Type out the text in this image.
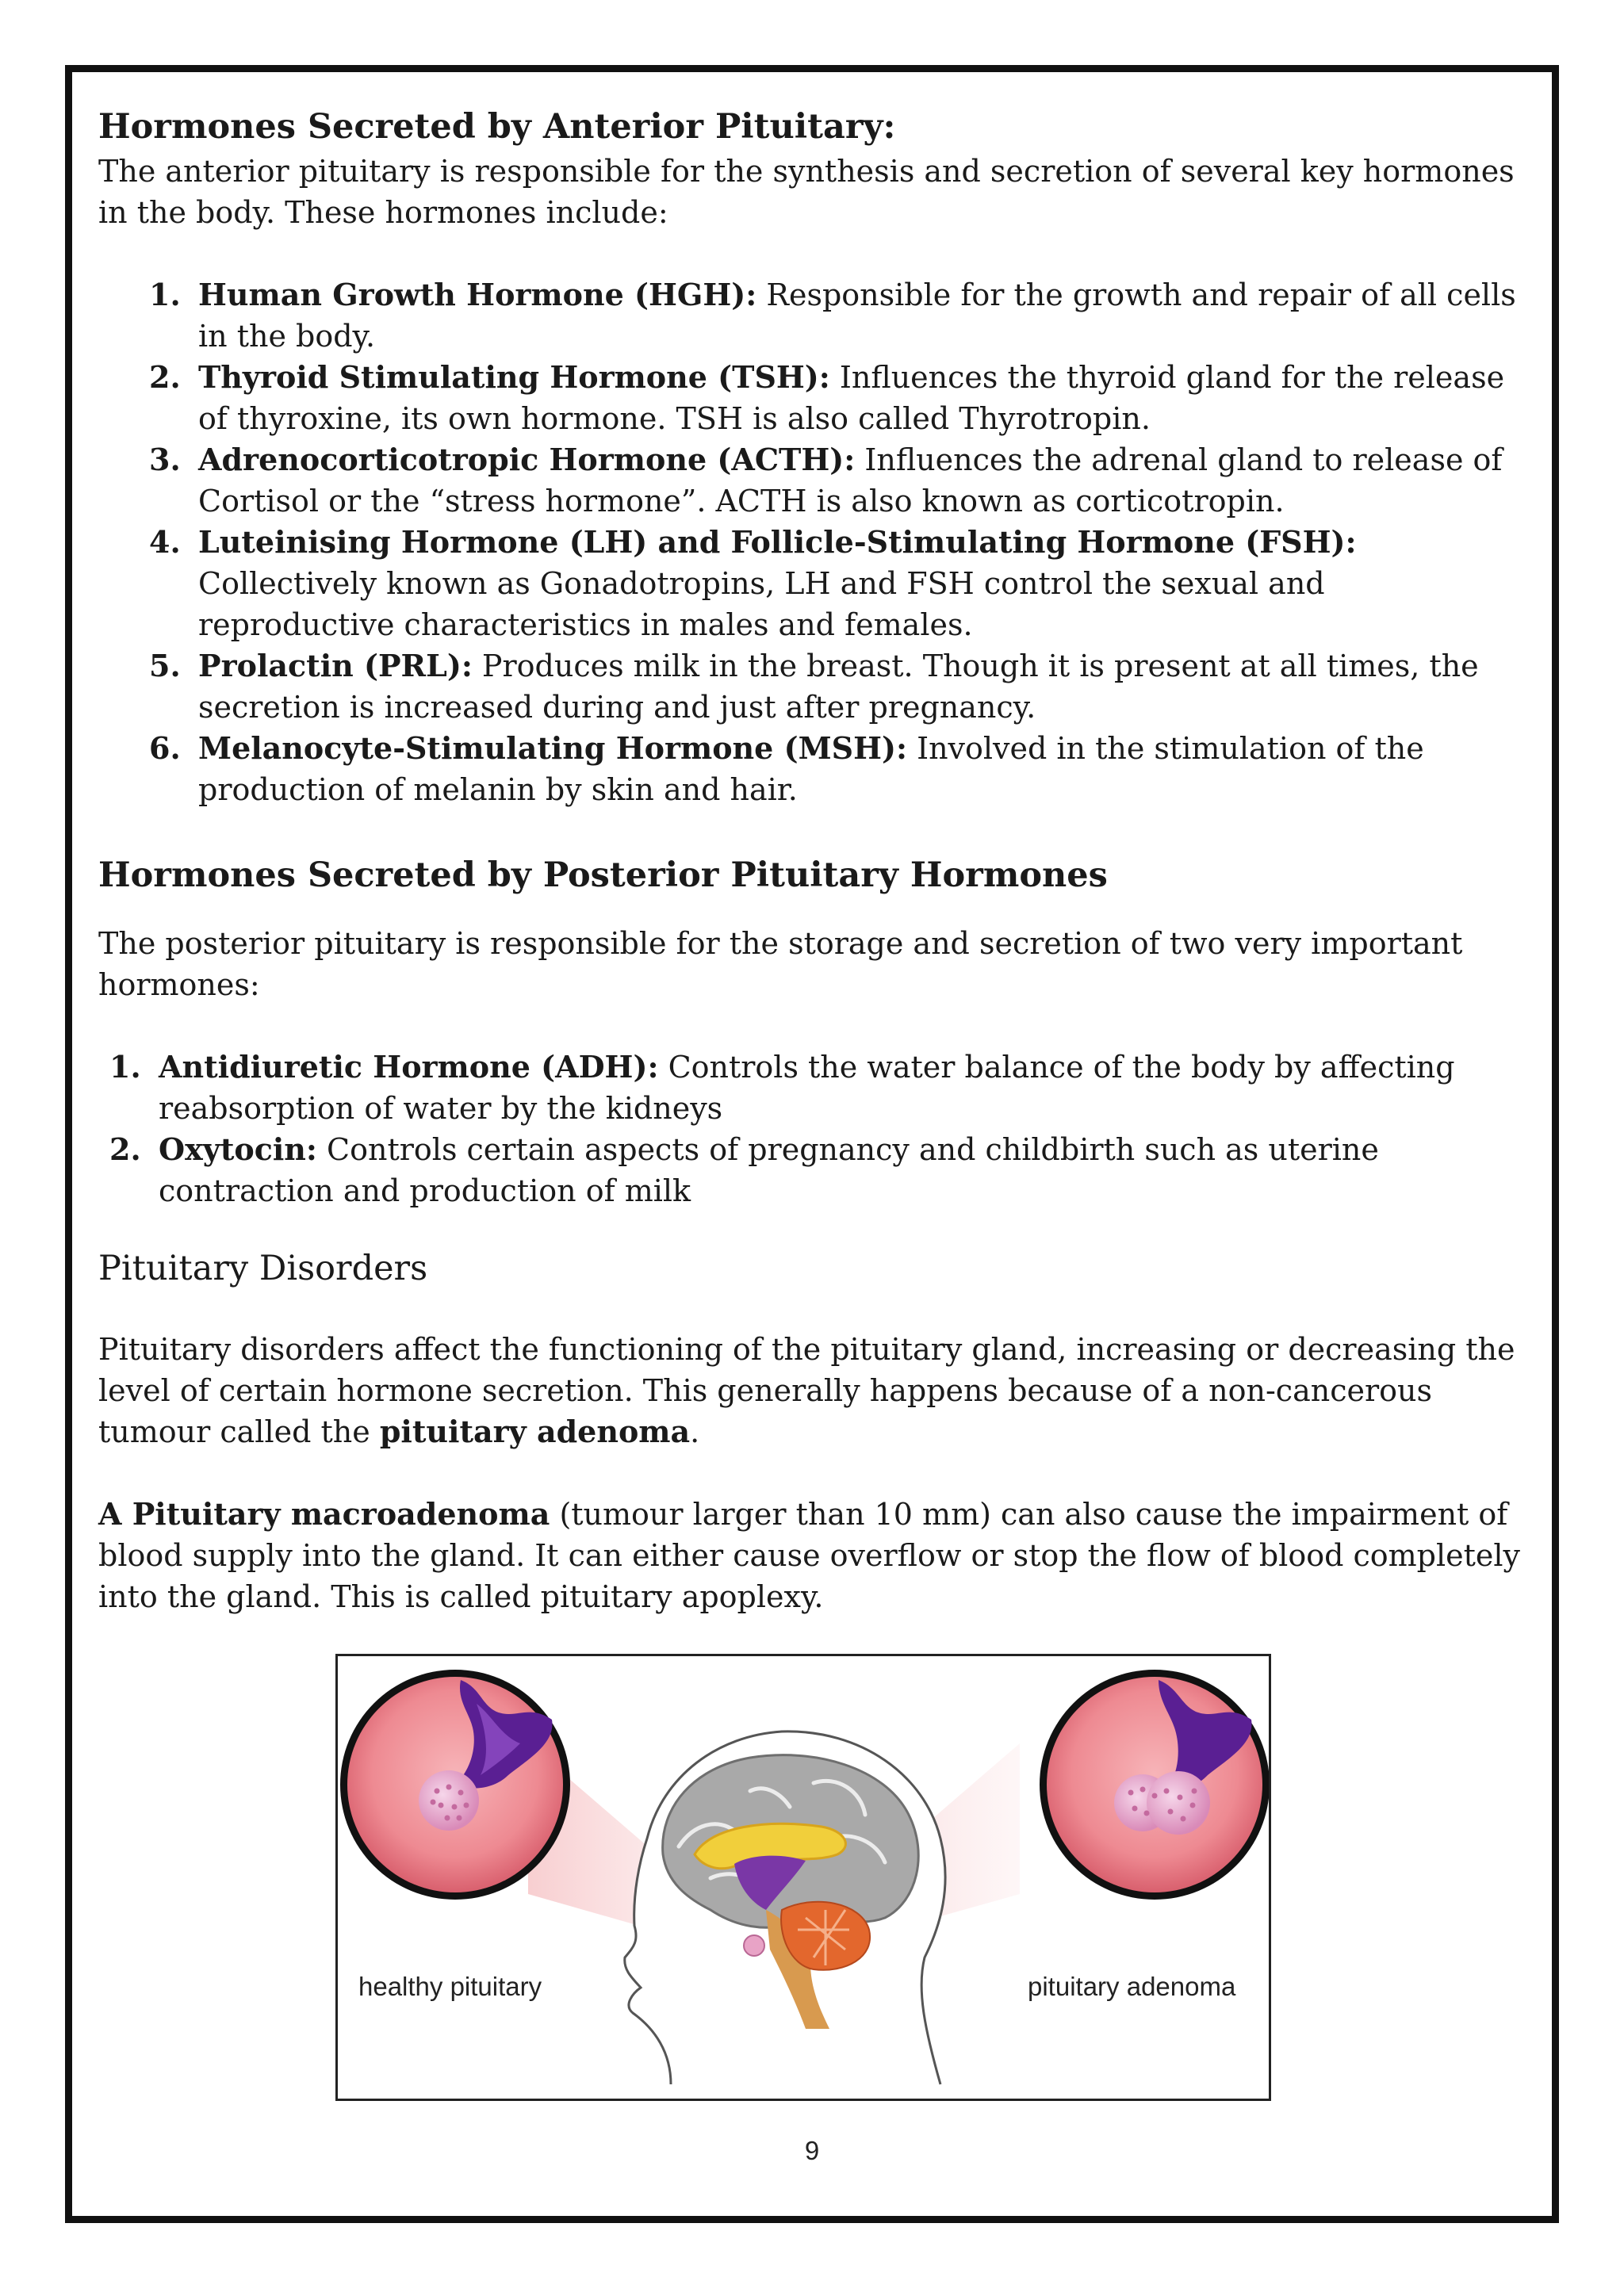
Hormones Secreted by Anterior Pituitary:

The anterior pituitary is responsible for the synthesis and secretion of several key hormones in the body. These hormones include:

1. Human Growth Hormone (HGH): Responsible for the growth and repair of all cells in the body.
2. Thyroid Stimulating Hormone (TSH): Influences the thyroid gland for the release of thyroxine, its own hormone. TSH is also called Thyrotropin.
3. Adrenocorticotropic Hormone (ACTH): Influences the adrenal gland to release of Cortisol or the “stress hormone”. ACTH is also known as corticotropin.
4. Luteinising Hormone (LH) and Follicle-Stimulating Hormone (FSH): Collectively known as Gonadotropins, LH and FSH control the sexual and reproductive characteristics in males and females.
5. Prolactin (PRL): Produces milk in the breast. Though it is present at all times, the secretion is increased during and just after pregnancy.
6. Melanocyte-Stimulating Hormone (MSH): Involved in the stimulation of the production of melanin by skin and hair.
Hormones Secreted by Posterior Pituitary Hormones

The posterior pituitary is responsible for the storage and secretion of two very important hormones:

1. Antidiuretic Hormone (ADH): Controls the water balance of the body by affecting reabsorption of water by the kidneys
2. Oxytocin: Controls certain aspects of pregnancy and childbirth such as uterine contraction and production of milk
Pituitary Disorders

Pituitary disorders affect the functioning of the pituitary gland, increasing or decreasing the level of certain hormone secretion. This generally happens because of a non-cancerous tumour called the pituitary adenoma.

A Pituitary macroadenoma (tumour larger than 10 mm) can also cause the impairment of blood supply into the gland. It can either cause overflow or stop the flow of blood completely into the gland. This is called pituitary apoplexy.

healthy pituitary	pituitary adenoma
9
